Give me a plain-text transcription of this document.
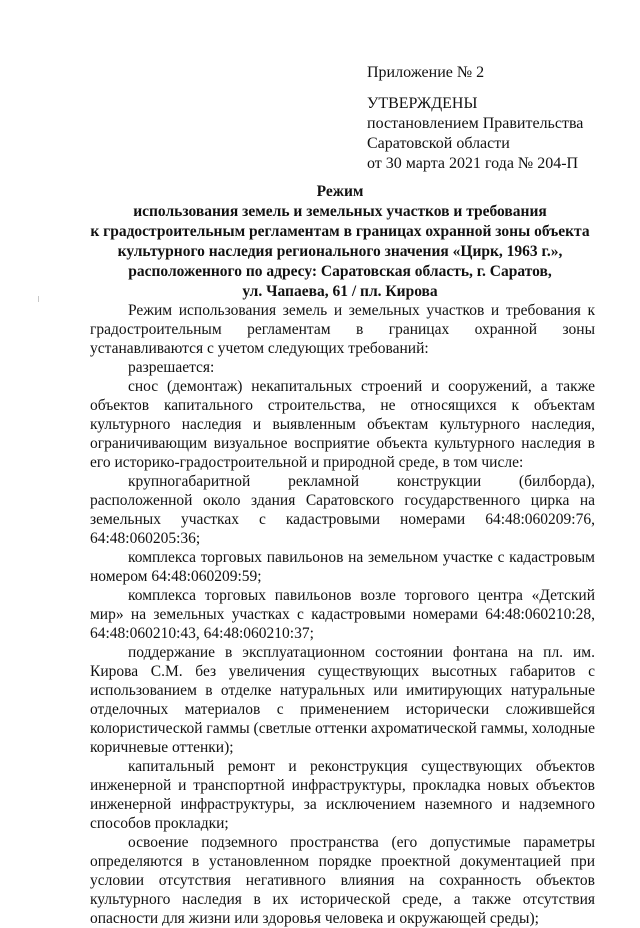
Приложение № 2
УТВЕРЖДЕНЫ
постановлением Правительства
Саратовской области
от 30 марта 2021 года № 204-П
Режим
использования земель и земельных участков и требования
к градостроительным регламентам в границах охранной зоны объекта
культурного наследия регионального значения «Цирк, 1963 г.»,
расположенного по адресу: Саратовская область, г. Саратов,
ул. Чапаева, 61 / пл. Кирова

Режим использования земель и земельных участков и требования к градостроительным регламентам в границах охранной зоны устанавливаются с учетом следующих требований:

разрешается:

снос (демонтаж) некапитальных строений и сооружений, а также объектов капитального строительства, не относящихся к объектам культурного наследия и выявленным объектам культурного наследия, ограничивающим визуальное восприятие объекта культурного наследия в его историко-градостроительной и природной среде, в том числе:

крупногабаритной рекламной конструкции (билборда), расположенной около здания Саратовского государственного цирка на земельных участках с кадастровыми номерами 64:48:060209:76, 64:48:060205:36;

комплекса торговых павильонов на земельном участке с кадастровым номером 64:48:060209:59;

комплекса торговых павильонов возле торгового центра «Детский мир» на земельных участках с кадастровыми номерами 64:48:060210:28, 64:48:060210:43, 64:48:060210:37;

поддержание в эксплуатационном состоянии фонтана на пл. им. Кирова С.М. без увеличения существующих высотных габаритов с использованием в отделке натуральных или имитирующих натуральные отделочных материалов с применением исторически сложившейся колористической гаммы (светлые оттенки ахроматической гаммы, холодные коричневые оттенки);

капитальный ремонт и реконструкция существующих объектов инженерной и транспортной инфраструктуры, прокладка новых объектов инженерной инфраструктуры, за исключением наземного и надземного способов прокладки;

освоение подземного пространства (его допустимые параметры определяются в установленном порядке проектной документацией при условии отсутствия негативного влияния на сохранность объектов культурного наследия в их исторической среде, а также отсутствия опасности для жизни или здоровья человека и окружающей среды);
